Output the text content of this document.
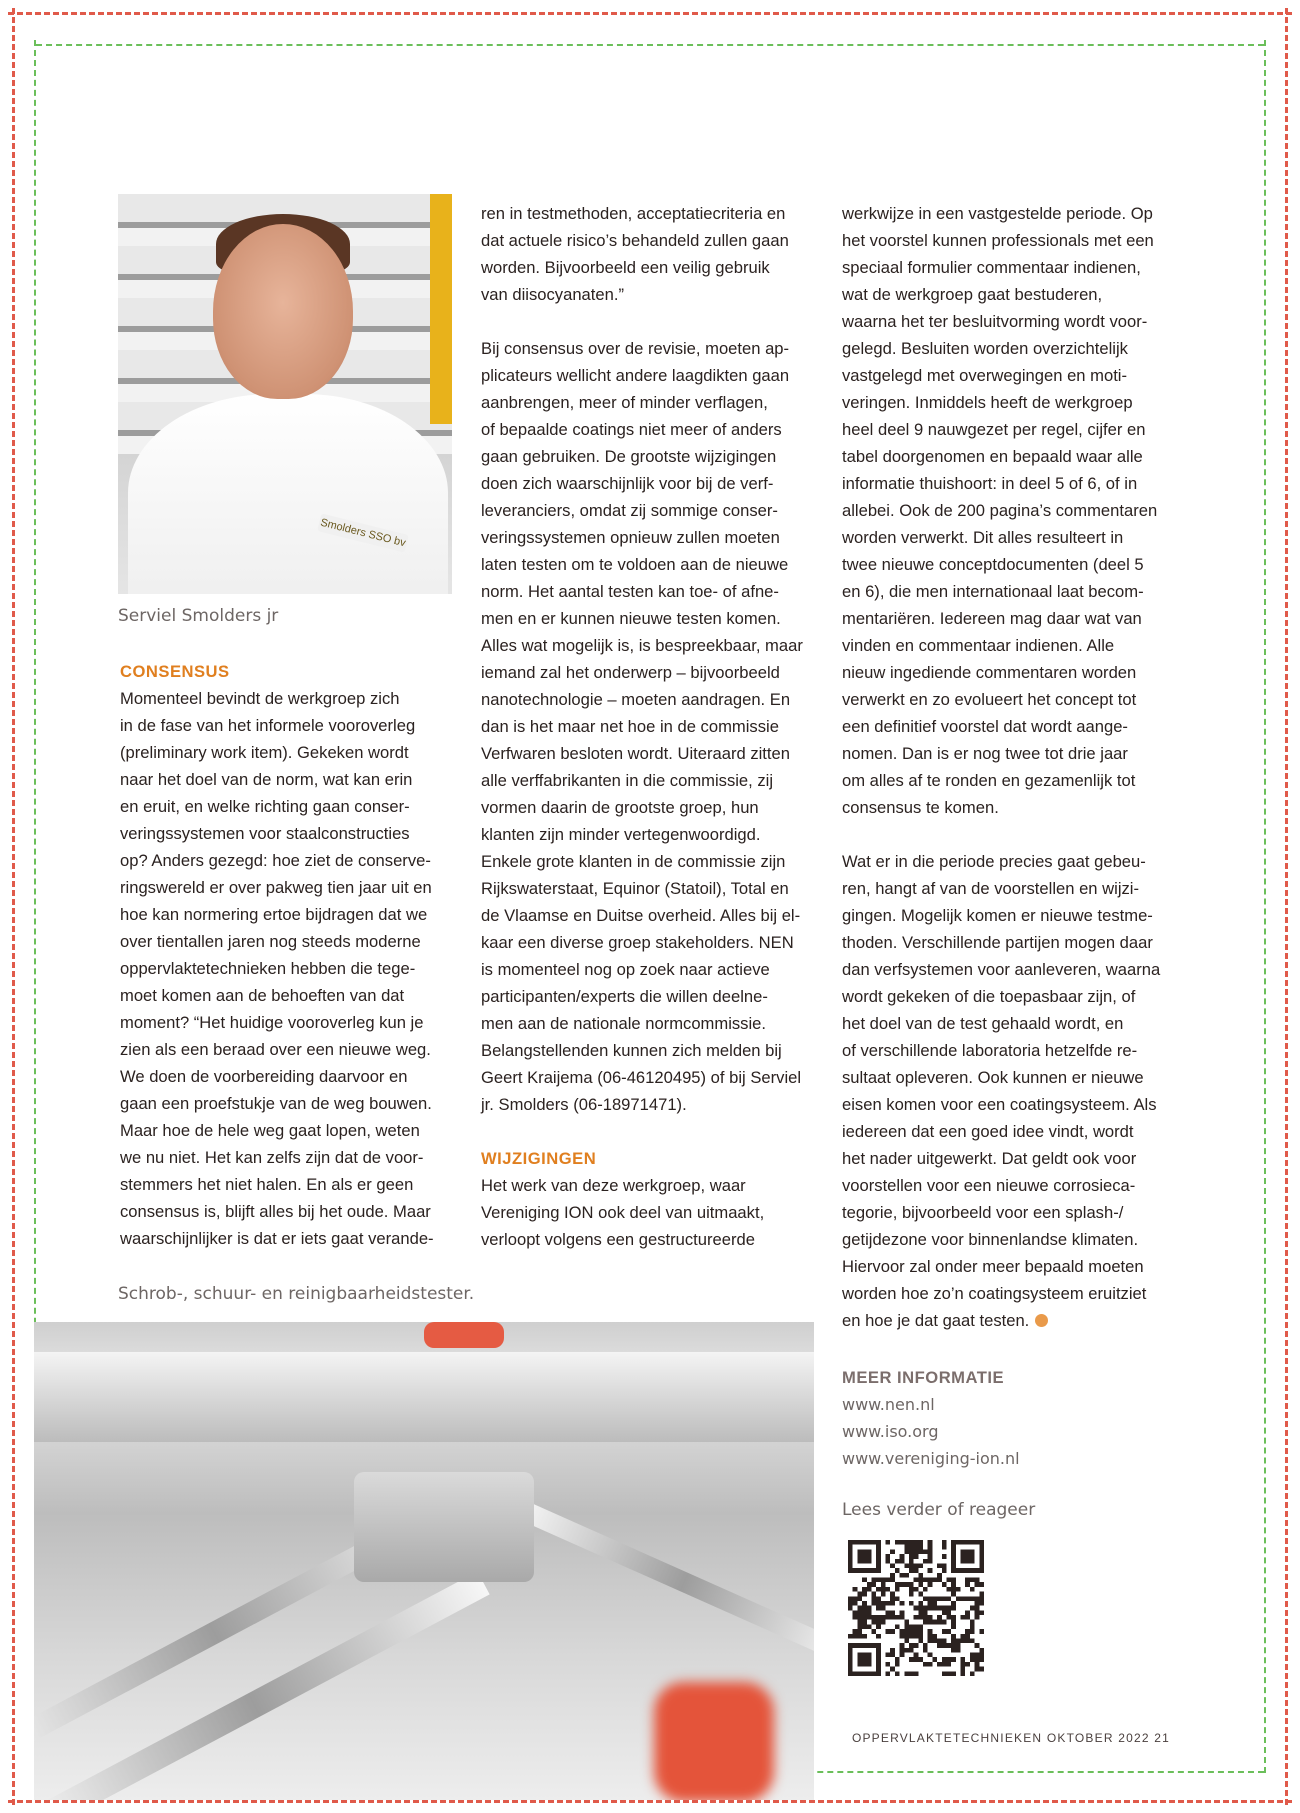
Smolders SSO bv
Serviel Smolders jr
CONSENSUS

Momenteel bevindt de werkgroep zich
in de fase van het informele vooroverleg
(preliminary work item). Gekeken wordt
naar het doel van de norm, wat kan erin
en eruit, en welke richting gaan conser-
veringssystemen voor staalconstructies
op? Anders gezegd: hoe ziet de conserve-
ringswereld er over pakweg tien jaar uit en
hoe kan normering ertoe bijdragen dat we
over tientallen jaren nog steeds moderne
oppervlaktetechnieken hebben die tege-
moet komen aan de behoeften van dat
moment? “Het huidige vooroverleg kun je
zien als een beraad over een nieuwe weg.
We doen de voorbereiding daarvoor en
gaan een proefstukje van de weg bouwen.
Maar hoe de hele weg gaat lopen, weten
we nu niet. Het kan zelfs zijn dat de voor-
stemmers het niet halen. En als er geen
consensus is, blijft alles bij het oude. Maar
waarschijnlijker is dat er iets gaat verande-

ren in testmethoden, acceptatiecriteria en
dat actuele risico’s behandeld zullen gaan
worden. Bijvoorbeeld een veilig gebruik
van diisocyanaten.”

Bij consensus over de revisie, moeten ap-
plicateurs wellicht andere laagdikten gaan
aanbrengen, meer of minder verflagen,
of bepaalde coatings niet meer of anders
gaan gebruiken. De grootste wijzigingen
doen zich waarschijnlijk voor bij de verf-
leveranciers, omdat zij sommige conser-
veringssystemen opnieuw zullen moeten
laten testen om te voldoen aan de nieuwe
norm. Het aantal testen kan toe- of afne-
men en er kunnen nieuwe testen komen.
Alles wat mogelijk is, is bespreekbaar, maar
iemand zal het onderwerp – bijvoorbeeld
nanotechnologie – moeten aandragen. En
dan is het maar net hoe in de commissie
Verfwaren besloten wordt. Uiteraard zitten
alle verffabrikanten in die commissie, zij
vormen daarin de grootste groep, hun
klanten zijn minder vertegenwoordigd.
Enkele grote klanten in de commissie zijn
Rijkswaterstaat, Equinor (Statoil), Total en
de Vlaamse en Duitse overheid. Alles bij el-
kaar een diverse groep stakeholders. NEN
is momenteel nog op zoek naar actieve
participanten/experts die willen deelne-
men aan de nationale normcommissie.
Belangstellenden kunnen zich melden bij
Geert Kraijema (06-46120495) of bij Serviel
jr. Smolders (06-18971471).

WIJZIGINGEN

Het werk van deze werkgroep, waar
Vereniging ION ook deel van uitmaakt,
verloopt volgens een gestructureerde

werkwijze in een vastgestelde periode. Op
het voorstel kunnen professionals met een
speciaal formulier commentaar indienen,
wat de werkgroep gaat bestuderen,
waarna het ter besluitvorming wordt voor-
gelegd. Besluiten worden overzichtelijk
vastgelegd met overwegingen en moti-
veringen. Inmiddels heeft de werkgroep
heel deel 9 nauwgezet per regel, cijfer en
tabel doorgenomen en bepaald waar alle
informatie thuishoort: in deel 5 of 6, of in
allebei. Ook de 200 pagina’s commentaren
worden verwerkt. Dit alles resulteert in
twee nieuwe conceptdocumenten (deel 5
en 6), die men internationaal laat becom-
mentariëren. Iedereen mag daar wat van
vinden en commentaar indienen. Alle
nieuw ingediende commentaren worden
verwerkt en zo evolueert het concept tot
een definitief voorstel dat wordt aange-
nomen. Dan is er nog twee tot drie jaar
om alles af te ronden en gezamenlijk tot
consensus te komen.

Wat er in die periode precies gaat gebeu-
ren, hangt af van de voorstellen en wijzi-
gingen. Mogelijk komen er nieuwe testme-
thoden. Verschillende partijen mogen daar
dan verfsystemen voor aanleveren, waarna
wordt gekeken of die toepasbaar zijn, of
het doel van de test gehaald wordt, en
of verschillende laboratoria hetzelfde re-
sultaat opleveren. Ook kunnen er nieuwe
eisen komen voor een coatingsysteem. Als
iedereen dat een goed idee vindt, wordt
het nader uitgewerkt. Dat geldt ook voor
voorstellen voor een nieuwe corrosieca-
tegorie, bijvoorbeeld voor een splash-/
getijdezone voor binnenlandse klimaten.
Hiervoor zal onder meer bepaald moeten
worden hoe zo’n coatingsysteem eruitziet
en hoe je dat gaat testen.

MEER INFORMATIE
www.nen.nl
www.iso.org
www.vereniging-ion.nl
Schrob-, schuur- en reinigbaarheidstester.
Lees verder of reageer
OPPERVLAKTETECHNIEKEN OKTOBER 2022 21
